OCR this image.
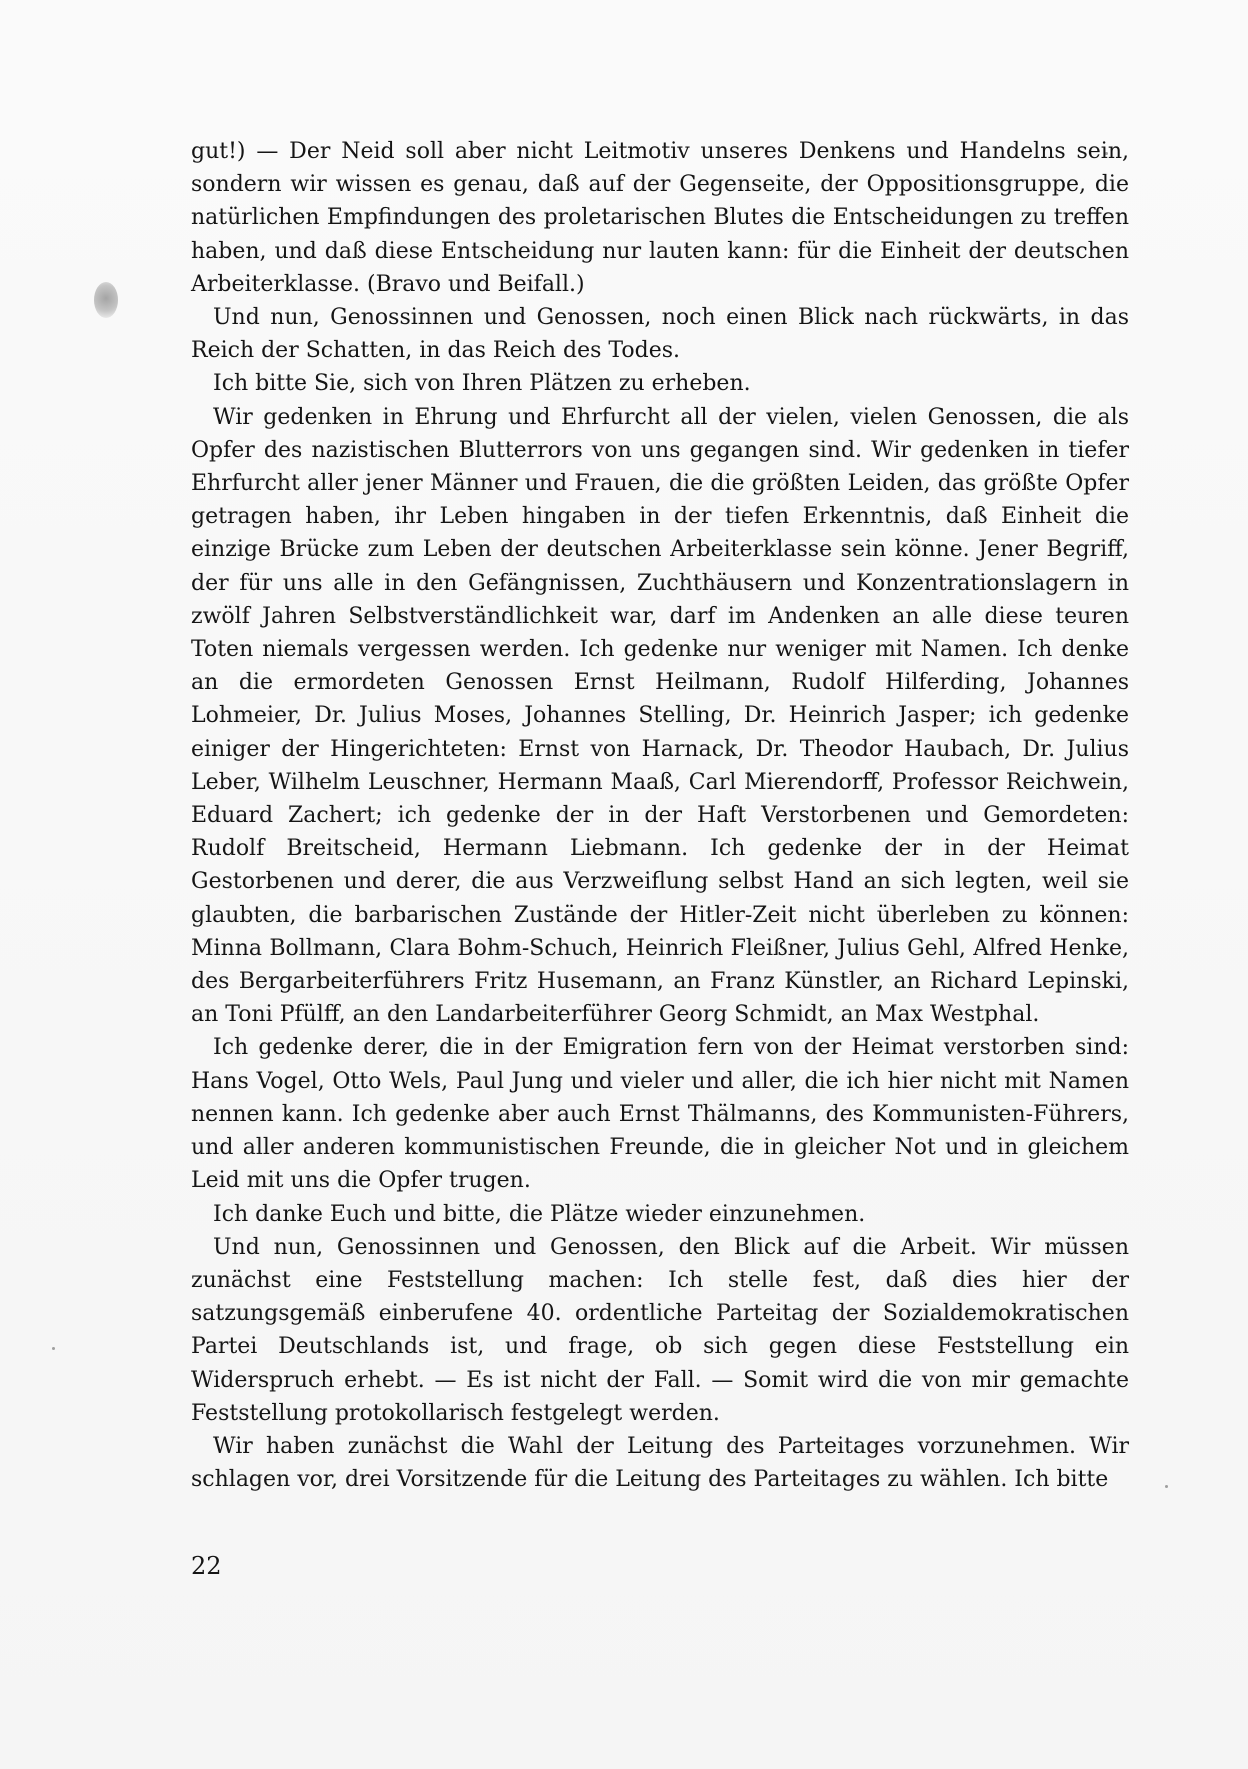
gut!) — Der Neid soll aber nicht Leitmotiv unseres Denkens und Handelns sein, sondern wir wissen es genau, daß auf der Gegenseite, der Oppositionsgruppe, die natürlichen Empfindungen des proletarischen Blutes die Entscheidungen zu treffen haben, und daß diese Entscheidung nur lauten kann: für die Einheit der deutschen Arbeiterklasse. (Bravo und Beifall.)

Und nun, Genossinnen und Genossen, noch einen Blick nach rückwärts, in das Reich der Schatten, in das Reich des Todes.

Ich bitte Sie, sich von Ihren Plätzen zu erheben.

Wir gedenken in Ehrung und Ehrfurcht all der vielen, vielen Genossen, die als Opfer des nazistischen Blutterrors von uns gegangen sind. Wir gedenken in tiefer Ehrfurcht aller jener Männer und Frauen, die die größten Leiden, das größte Opfer getragen haben, ihr Leben hingaben in der tiefen Erkenntnis, daß Einheit die einzige Brücke zum Leben der deutschen Arbeiterklasse sein könne. Jener Begriff, der für uns alle in den Gefängnissen, Zuchthäusern und Konzentrationslagern in zwölf Jahren Selbstverständlichkeit war, darf im Andenken an alle diese teuren Toten niemals vergessen werden. Ich gedenke nur weniger mit Namen. Ich denke an die ermordeten Genossen Ernst Heilmann, Rudolf Hilferding, Johannes Lohmeier, Dr. Julius Moses, Johannes Stelling, Dr. Heinrich Jasper; ich gedenke einiger der Hingerichteten: Ernst von Harnack, Dr. Theodor Haubach, Dr. Julius Leber, Wilhelm Leuschner, Hermann Maaß, Carl Mierendorff, Professor Reichwein, Eduard Zachert; ich gedenke der in der Haft Verstorbenen und Gemordeten: Rudolf Breitscheid, Hermann Liebmann. Ich gedenke der in der Heimat Gestorbenen und derer, die aus Verzweiflung selbst Hand an sich legten, weil sie glaubten, die barbarischen Zustände der Hitler-Zeit nicht überleben zu können: Minna Bollmann, Clara Bohm-Schuch, Heinrich Fleißner, Julius Gehl, Alfred Henke, des Bergarbeiterführers Fritz Husemann, an Franz Künstler, an Richard Lepinski, an Toni Pfülff, an den Landarbeiterführer Georg Schmidt, an Max Westphal.

Ich gedenke derer, die in der Emigration fern von der Heimat verstorben sind: Hans Vogel, Otto Wels, Paul Jung und vieler und aller, die ich hier nicht mit Namen nennen kann. Ich gedenke aber auch Ernst Thälmanns, des Kommunisten-Führers, und aller anderen kommunistischen Freunde, die in gleicher Not und in gleichem Leid mit uns die Opfer trugen.

Ich danke Euch und bitte, die Plätze wieder einzunehmen.

Und nun, Genossinnen und Genossen, den Blick auf die Arbeit. Wir müssen zunächst eine Feststellung machen: Ich stelle fest, daß dies hier der satzungsgemäß einberufene 40. ordentliche Parteitag der Sozialdemokratischen Partei Deutschlands ist, und frage, ob sich gegen diese Feststellung ein Widerspruch erhebt. — Es ist nicht der Fall. — Somit wird die von mir gemachte Feststellung protokollarisch festgelegt werden.

Wir haben zunächst die Wahl der Leitung des Parteitages vorzunehmen. Wir schlagen vor, drei Vorsitzende für die Leitung des Parteitages zu wählen. Ich bitte

22
